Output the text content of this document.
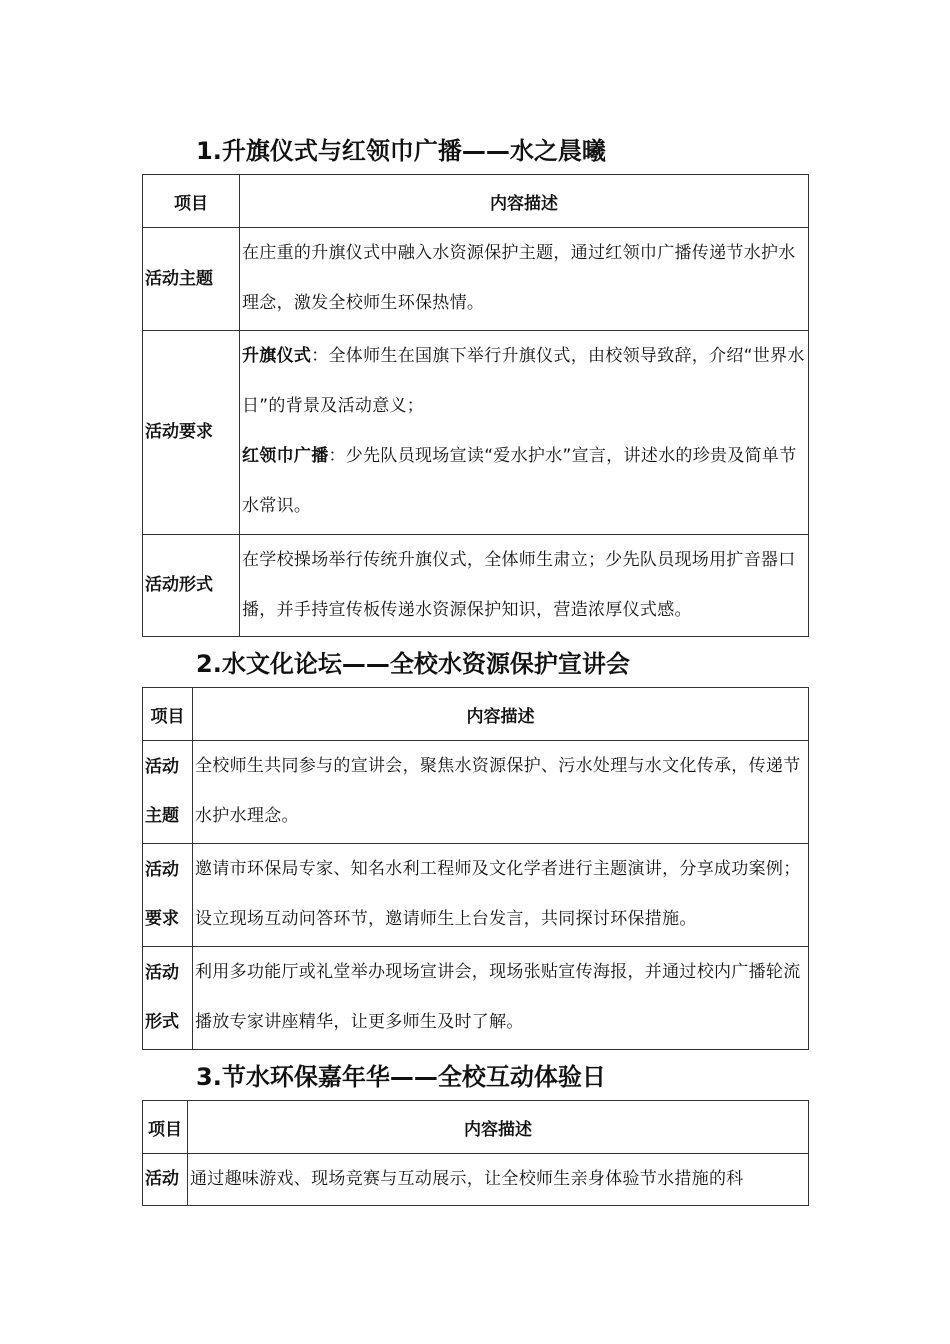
1.升旗仪式与红领巾广播——水之晨曦
项目	内容描述
活动主题	在庄重的升旗仪式中融入水资源保护主题，通过红领巾广播传递节水护水理念，激发全校师生环保热情。
活动要求	升旗仪式：全体师生在国旗下举行升旗仪式，由校领导致辞，介绍“世界水日”的背景及活动意义；
红领巾广播：少先队员现场宣读“爱水护水”宣言，讲述水的珍贵及简单节水常识。
活动形式	在学校操场举行传统升旗仪式，全体师生肃立；少先队员现场用扩音器口播，并手持宣传板传递水资源保护知识，营造浓厚仪式感。
2.水文化论坛——全校水资源保护宣讲会
项目	内容描述
活动主题	全校师生共同参与的宣讲会，聚焦水资源保护、污水处理与水文化传承，传递节水护水理念。
活动要求	邀请市环保局专家、知名水利工程师及文化学者进行主题演讲，分享成功案例；设立现场互动问答环节，邀请师生上台发言，共同探讨环保措施。
活动形式	利用多功能厅或礼堂举办现场宣讲会，现场张贴宣传海报，并通过校内广播轮流播放专家讲座精华，让更多师生及时了解。
3.节水环保嘉年华——全校互动体验日
项目	内容描述
活动	通过趣味游戏、现场竞赛与互动展示，让全校师生亲身体验节水措施的科
